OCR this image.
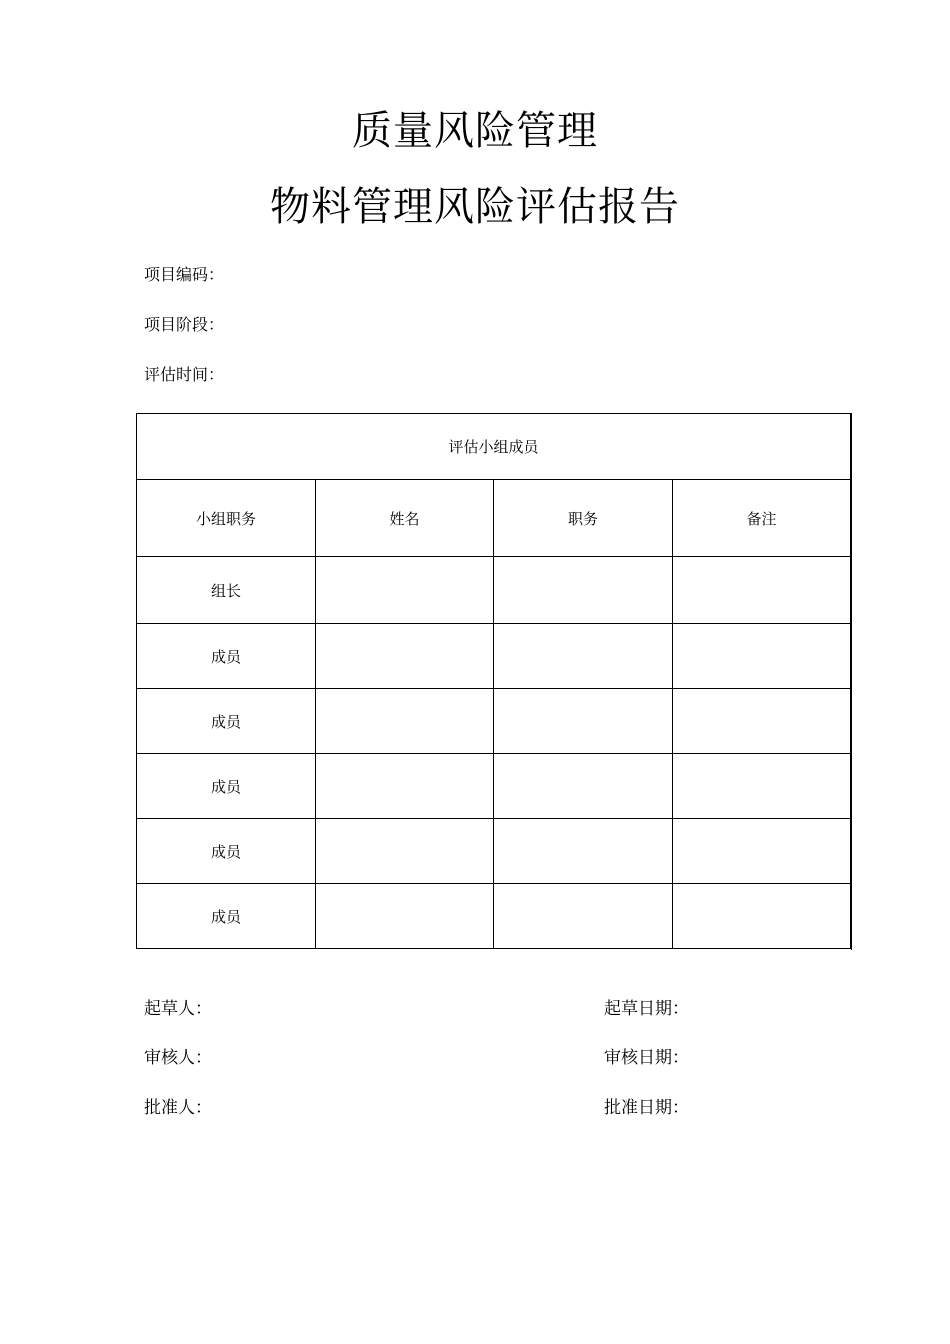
质量风险管理
物料管理风险评估报告
项目编码：
项目阶段：
评估时间：
评估小组成员			
小组职务	姓名	职务	备注
组长			
成员			
成员			
成员			
成员			
成员			
起草人：	起草日期：
审核人：	审核日期：
批准人：	批准日期：
